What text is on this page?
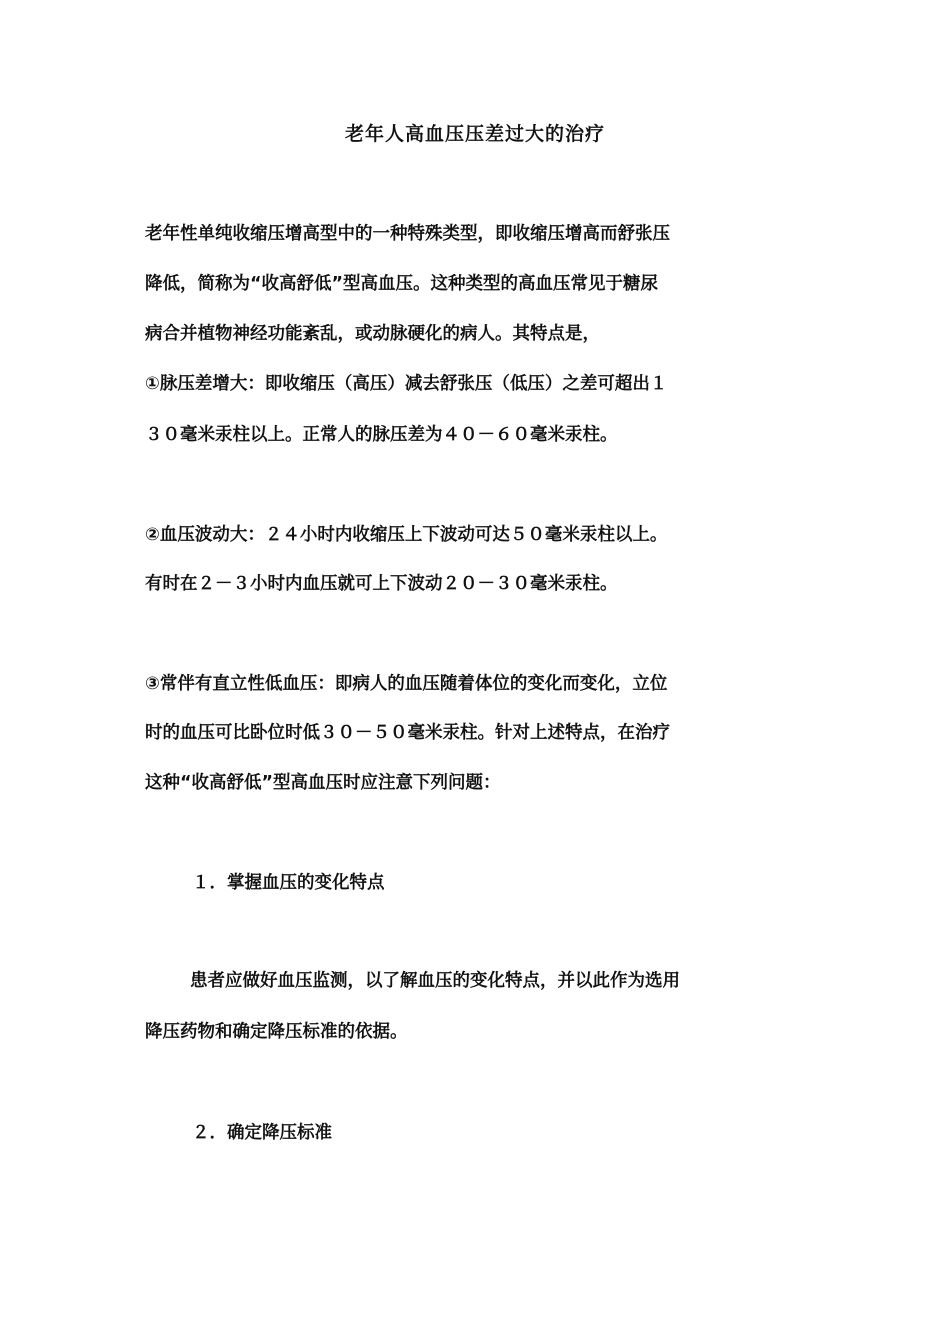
老年人高血压压差过大的治疗
老年性单纯收缩压增高型中的一种特殊类型，即收缩压增高而舒张压
降低，简称为“收高舒低”型高血压。这种类型的高血压常见于糖尿
病合并植物神经功能紊乱，或动脉硬化的病人。其特点是，
①脉压差增大：即收缩压（高压）减去舒张压（低压）之差可超出１
３０毫米汞柱以上。正常人的脉压差为４０－６０毫米汞柱。
②血压波动大：２４小时内收缩压上下波动可达５０毫米汞柱以上。
有时在２－３小时内血压就可上下波动２０－３０毫米汞柱。
③常伴有直立性低血压：即病人的血压随着体位的变化而变化，立位
时的血压可比卧位时低３０－５０毫米汞柱。针对上述特点，在治疗
这种“收高舒低”型高血压时应注意下列问题：
１．掌握血压的变化特点
患者应做好血压监测，以了解血压的变化特点，并以此作为选用
降压药物和确定降压标准的依据。
２．确定降压标准
